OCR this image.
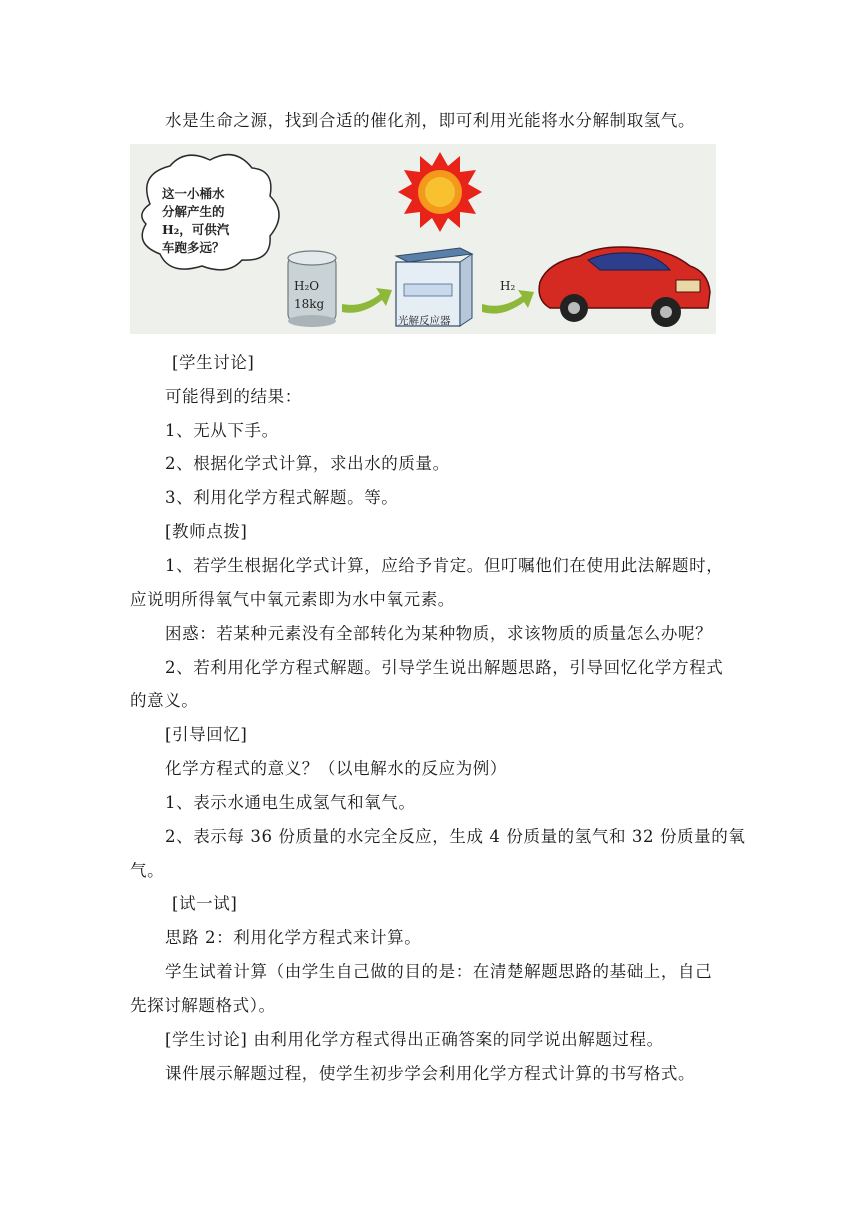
水是生命之源，找到合适的催化剂，即可利用光能将水分解制取氢气。
这一小桶水
分解产生的
H₂，可供汽
车跑多远？
H₂O
18kg
光解反应器
H₂
[学生讨论]
可能得到的结果：
1、无从下手。
2、根据化学式计算，求出水的质量。
3、利用化学方程式解题。等。
[教师点拨]
1、若学生根据化学式计算，应给予肯定。但叮嘱他们在使用此法解题时，
应说明所得氧气中氧元素即为水中氧元素。
困惑：若某种元素没有全部转化为某种物质，求该物质的质量怎么办呢？
2、若利用化学方程式解题。引导学生说出解题思路，引导回忆化学方程式
的意义。
[引导回忆]
化学方程式的意义？（以电解水的反应为例）
1、表示水通电生成氢气和氧气。
2、表示每 36 份质量的水完全反应，生成 4 份质量的氢气和 32 份质量的氧
气。
[试一试]
思路 2：利用化学方程式来计算。
学生试着计算（由学生自己做的目的是：在清楚解题思路的基础上，自己
先探讨解题格式）。
[学生讨论] 由利用化学方程式得出正确答案的同学说出解题过程。
课件展示解题过程，使学生初步学会利用化学方程式计算的书写格式。
